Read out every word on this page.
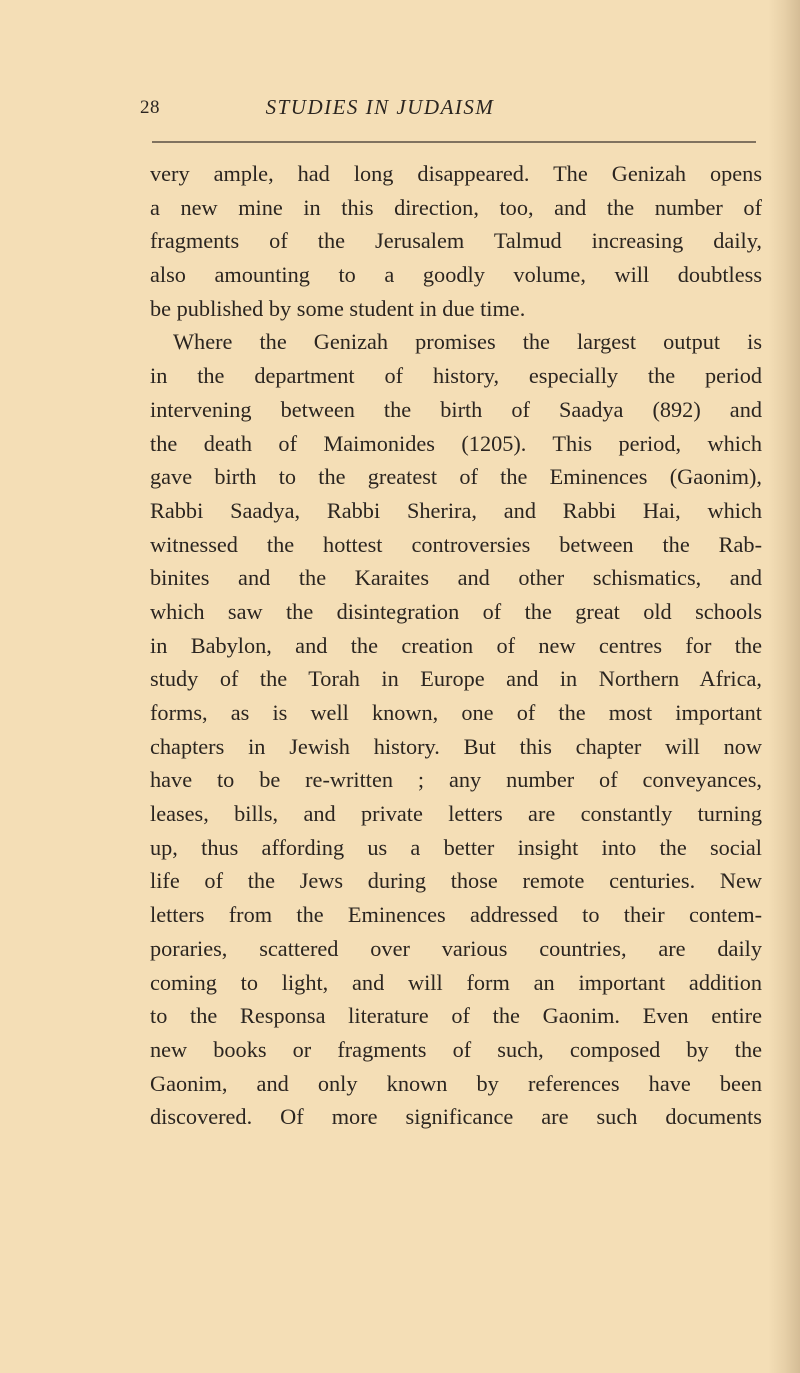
28	STUDIES IN JUDAISM
very ample, had long disappeared. The Genizah opens
a new mine in this direction, too, and the number of
fragments of the Jerusalem Talmud increasing daily,
also amounting to a goodly volume, will doubtless
be published by some student in due time.
Where the Genizah promises the largest output is
in the department of history, especially the period
intervening between the birth of Saadya (892) and
the death of Maimonides (1205). This period, which
gave birth to the greatest of the Eminences (Gaonim),
Rabbi Saadya, Rabbi Sherira, and Rabbi Hai, which
witnessed the hottest controversies between the Rab-
binites and the Karaites and other schismatics, and
which saw the disintegration of the great old schools
in Babylon, and the creation of new centres for the
study of the Torah in Europe and in Northern Africa,
forms, as is well known, one of the most important
chapters in Jewish history. But this chapter will now
have to be re-written ; any number of conveyances,
leases, bills, and private letters are constantly turning
up, thus affording us a better insight into the social
life of the Jews during those remote centuries. New
letters from the Eminences addressed to their contem-
poraries, scattered over various countries, are daily
coming to light, and will form an important addition
to the Responsa literature of the Gaonim. Even entire
new books or fragments of such, composed by the
Gaonim, and only known by references have been
discovered. Of more significance are such documents
